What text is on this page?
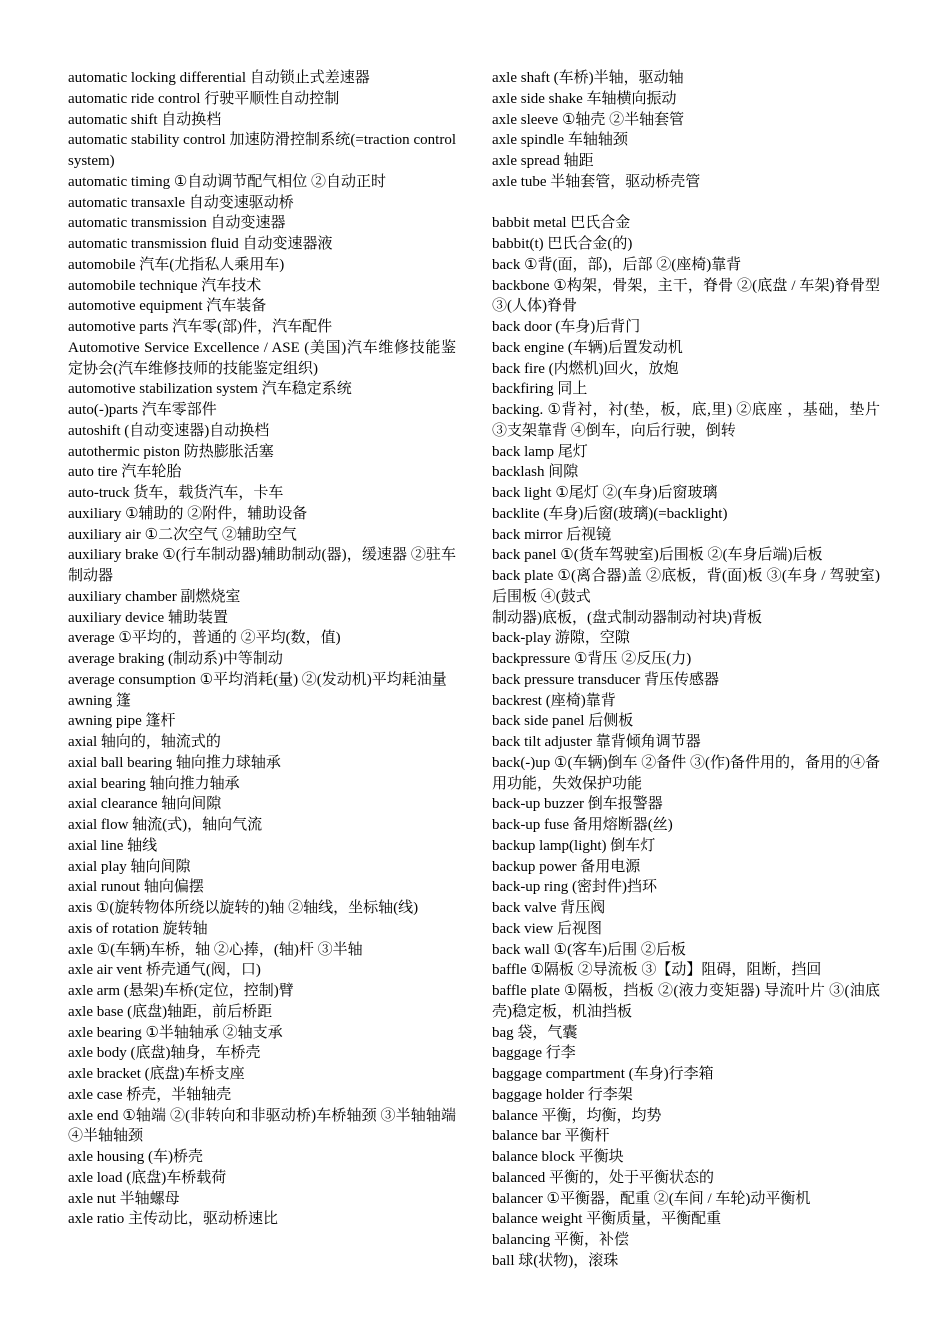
automatic locking differential 自动锁止式差速器
automatic ride control 行驶平顺性自动控制
automatic shift 自动换档
automatic stability control 加速防滑控制系统(=traction control system)
automatic timing ①自动调节配气相位 ②自动正时
automatic transaxle 自动变速驱动桥
automatic transmission 自动变速器
automatic transmission fluid 自动变速器液
automobile 汽车(尤指私人乘用车)
automobile technique 汽车技术
automotive equipment 汽车装备
automotive parts 汽车零(部)件，汽车配件
Automotive Service Excellence / ASE (美国)汽车维修技能鉴定协会(汽车维修技师的技能鉴定组织)
automotive stabilization system 汽车稳定系统
auto(-)parts 汽车零部件
autoshift (自动变速器)自动换档
autothermic piston 防热膨胀活塞
auto tire 汽车轮胎
auto-truck 货车，载货汽车，卡车
auxiliary ①辅助的 ②附件，辅助设备
auxiliary air ①二次空气 ②辅助空气
auxiliary brake ①(行车制动器)辅助制动(器)，缓速器 ②驻车制动器
auxiliary chamber 副燃烧室
auxiliary device 辅助装置
average ①平均的，普通的 ②平均(数，值)
average braking (制动系)中等制动
average consumption ①平均消耗(量) ②(发动机)平均耗油量
awning 篷
awning pipe 篷杆
axial 轴向的，轴流式的
axial ball bearing 轴向推力球轴承
axial bearing 轴向推力轴承
axial clearance 轴向间隙
axial flow 轴流(式)，轴向气流
axial line 轴线
axial play 轴向间隙
axial runout 轴向偏摆
axis ①(旋转物体所绕以旋转的)轴 ②轴线，坐标轴(线)
axis of rotation 旋转轴
axle ①(车辆)车桥，轴 ②心捧，(轴)杆 ③半轴
axle air vent 桥壳通气(阀，口)
axle arm (悬架)车桥(定位，控制)臂
axle base (底盘)轴距，前后桥距
axle bearing ①半轴轴承 ②轴支承
axle body (底盘)轴身，车桥壳
axle bracket (底盘)车桥支座
axle case 桥壳，半轴轴壳
axle end ①轴端 ②(非转向和非驱动桥)车桥轴颈 ③半轴轴端 ④半轴轴颈
axle housing (车)桥壳
axle load (底盘)车桥载荷
axle nut 半轴螺母
axle ratio 主传动比，驱动桥速比
axle shaft (车桥)半轴，驱动轴
axle side shake 车轴横向振动
axle sleeve ①轴壳 ②半轴套管
axle spindle 车轴轴颈
axle spread 轴距
axle tube 半轴套管，驱动桥壳管
babbit metal 巴氏合金
babbit(t) 巴氏合金(的)
back ①背(面，部)，后部 ②(座椅)靠背
backbone ①构架，骨架，主干，脊骨 ②(底盘 / 车架)脊骨型 ③(人体)脊骨
back door (车身)后背门
back engine (车辆)后置发动机
back fire (内燃机)回火，放炮
backfiring 同上
backing. ①背衬，衬(垫，板，底,里) ②底座 ，基础，垫片 ③支架靠背 ④倒车，向后行驶，倒转
back lamp 尾灯
backlash 间隙
back light ①尾灯 ②(车身)后窗玻璃
backlite (车身)后窗(玻璃)(=backlight)
back mirror 后视镜
back panel ①(货车驾驶室)后围板 ②(车身后端)后板
back plate ①(离合器)盖 ②底板，背(面)板 ③(车身 / 驾驶室)后围板 ④(鼓式
制动器)底板，(盘式制动器制动衬块)背板
back-play 游隙，空隙
backpressure ①背压 ②反压(力)
back pressure transducer 背压传感器
backrest (座椅)靠背
back side panel 后侧板
back tilt adjuster 靠背倾角调节器
back(-)up ①(车辆)倒车 ②备件 ③(作)备件用的，备用的④备用功能，失效保护功能
back-up buzzer 倒车报警器
back-up fuse 备用熔断器(丝)
backup lamp(light) 倒车灯
backup power 备用电源
back-up ring (密封件)挡环
back valve 背压阀
back view 后视图
back wall ①(客车)后围 ②后板
baffle ①隔板 ②导流板 ③【动】阻碍，阻断，挡回
baffle plate ①隔板，挡板 ②(液力变矩器) 导流叶片 ③(油底壳)稳定板，机油挡板
bag 袋，气囊
baggage 行李
baggage compartment (车身)行李箱
baggage holder 行李架
balance 平衡，均衡，均势
balance bar 平衡杆
balance block 平衡块
balanced 平衡的，处于平衡状态的
balancer ①平衡器，配重 ②(车间 / 车轮)动平衡机
balance weight 平衡质量，平衡配重
balancing 平衡，补偿
ball 球(状物)，滚珠
